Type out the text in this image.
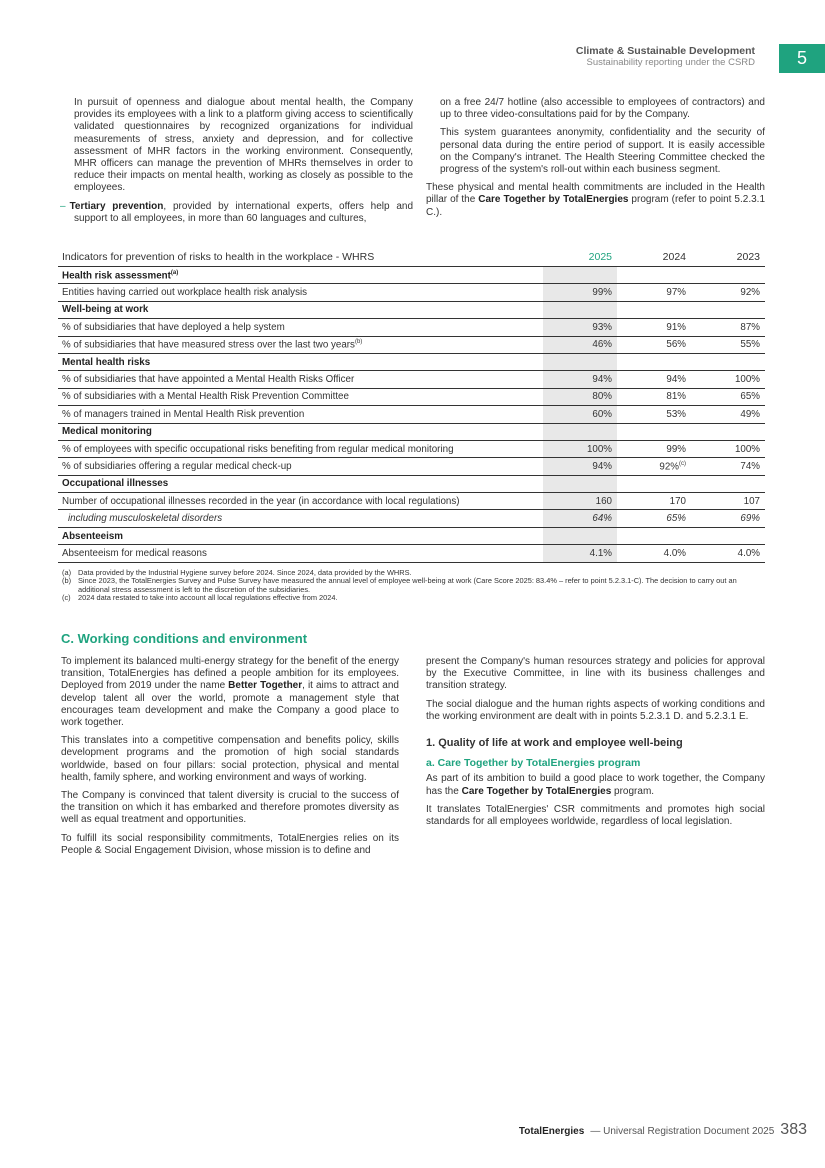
Climate & Sustainable Development
Sustainability reporting under the CSRD	5

In pursuit of openness and dialogue about mental health, the Company provides its employees with a link to a platform giving access to scientifically validated questionnaires by recognized organizations for individual measurements of stress, anxiety and depression, and for collective assessment of MHR factors in the working environment. Consequently, MHR officers can manage the prevention of MHRs themselves in order to reduce their impacts on mental health, working as closely as possible to the employees.

– Tertiary prevention, provided by international experts, offers help and support to all employees, in more than 60 languages and cultures,

on a free 24/7 hotline (also accessible to employees of contractors) and up to three video-consultations paid for by the Company.

This system guarantees anonymity, confidentiality and the security of personal data during the entire period of support. It is easily accessible on the Company's intranet. The Health Steering Committee checked the progress of the system's roll-out within each business segment.

These physical and mental health commitments are included in the Health pillar of the Care Together by TotalEnergies program (refer to point 5.2.3.1 C.).

Indicators for prevention of risks to health in the workplace - WHRS	2025	2024	2023
Health risk assessment$^{(a)}$			
Entities having carried out workplace health risk analysis	99%	97%	92%
Well-being at work			
% of subsidiaries that have deployed a help system	93%	91%	87%
% of subsidiaries that have measured stress over the last two years$^{(b)}$	46%	56%	55%
Mental health risks			
% of subsidiaries that have appointed a Mental Health Risks Officer	94%	94%	100%
% of subsidiaries with a Mental Health Risk Prevention Committee	80%	81%	65%
% of managers trained in Mental Health Risk prevention	60%	53%	49%
Medical monitoring			
% of employees with specific occupational risks benefiting from regular medical monitoring	100%	99%	100%
% of subsidiaries offering a regular medical check-up	94%	92%$^{(c)}$	74%
Occupational illnesses			
Number of occupational illnesses recorded in the year (in accordance with local regulations)	160	170	107
including musculoskeletal disorders	64%	65%	69%
Absenteeism			
Absenteeism for medical reasons	4.1%	4.0%	4.0%
(a) Data provided by the Industrial Hygiene survey before 2024. Since 2024, data provided by the WHRS.
(b) Since 2023, the TotalEnergies Survey and Pulse Survey have measured the annual level of employee well-being at work (Care Score 2025: 83.4% – refer to point 5.2.3.1-C). The decision to carry out an additional stress assessment is left to the discretion of the subsidiaries.
(c) 2024 data restated to take into account all local regulations effective from 2024.
C. Working conditions and environment

To implement its balanced multi-energy strategy for the benefit of the energy transition, TotalEnergies has defined a people ambition for its employees. Deployed from 2019 under the name Better Together, it aims to attract and develop talent all over the world, promote a management style that encourages team development and make the Company a good place to work together.

This translates into a competitive compensation and benefits policy, skills development programs and the promotion of high social standards worldwide, based on four pillars: social protection, physical and mental health, family sphere, and working environment and ways of working.

The Company is convinced that talent diversity is crucial to the success of the transition on which it has embarked and therefore promotes diversity as well as equal treatment and opportunities.

To fulfill its social responsibility commitments, TotalEnergies relies on its People & Social Engagement Division, whose mission is to define and

present the Company's human resources strategy and policies for approval by the Executive Committee, in line with its business challenges and transition strategy.

The social dialogue and the human rights aspects of working conditions and the working environment are dealt with in points 5.2.3.1 D. and 5.2.3.1 E.

1. Quality of life at work and employee well-being
a. Care Together by TotalEnergies program

As part of its ambition to build a good place to work together, the Company has the Care Together by TotalEnergies program.

It translates TotalEnergies' CSR commitments and promotes high social standards for all employees worldwide, regardless of local legislation.

TotalEnergies — Universal Registration Document 2025 383
